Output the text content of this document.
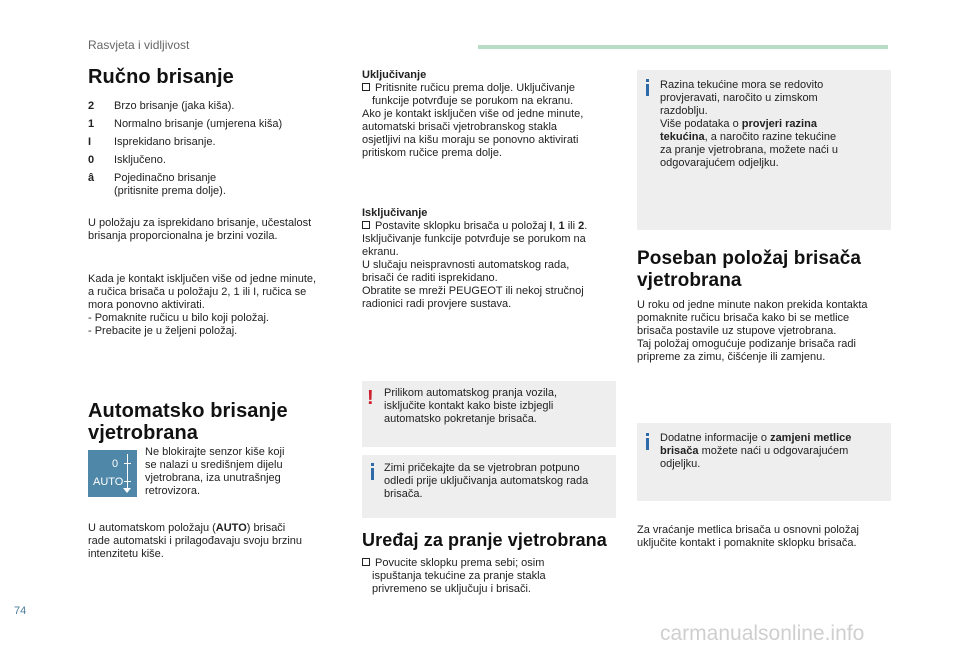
Rasvjeta i vidljivost
Ručno brisanje
2	Brzo brisanje (jaka kiša).
1	Normalno brisanje (umjerena kiša)
I	Isprekidano brisanje.
0	Isključeno.
â	Pojedinačno brisanje
(pritisnite prema dolje).
U položaju za isprekidano brisanje, učestalost
brisanja proporcionalna je brzini vozila.
Kada je kontakt isključen više od jedne minute,
a ručica brisača u položaju 2, 1 ili I, ručica se
mora ponovno aktivirati.
- Pomaknite ručicu u bilo koji položaj.
- Prebacite je u željeni položaj.
Automatsko brisanje
vjetrobrana
0
AUTO
Ne blokirajte senzor kiše koji
se nalazi u središnjem dijelu
vjetrobrana, iza unutrašnjeg
retrovizora.
U automatskom položaju (AUTO) brisači
rade automatski i prilagođavaju svoju brzinu
intenzitetu kiše.
Uključivanje
Pritisnite ručicu prema dolje. Uključivanje
funkcije potvrđuje se porukom na ekranu.
Ako je kontakt isključen više od jedne minute,
automatski brisači vjetrobranskog stakla
osjetljivi na kišu moraju se ponovno aktivirati
pritiskom ručice prema dolje.
Isključivanje
Postavite sklopku brisača u položaj I, 1 ili 2.
Isključivanje funkcije potvrđuje se porukom na
ekranu.
U slučaju neispravnosti automatskog rada,
brisači će raditi isprekidano.
Obratite se mreži PEUGEOT ili nekoj stručnoj
radionici radi provjere sustava.
! Prilikom automatskog pranja vozila,
isključite kontakt kako biste izbjegli
automatsko pokretanje brisača.
Zimi pričekajte da se vjetrobran potpuno
odledi prije uključivanja automatskog rada
brisača.
Uređaj za pranje vjetrobrana
Povucite sklopku prema sebi; osim
ispuštanja tekućine za pranje stakla
privremeno se uključuju i brisači.
Razina tekućine mora se redovito
provjeravati, naročito u zimskom
razdoblju.
Više podataka o provjeri razina
tekućina, a naročito razine tekućine
za pranje vjetrobrana, možete naći u
odgovarajućem odjeljku.
Poseban položaj brisača
vjetrobrana
U roku od jedne minute nakon prekida kontakta
pomaknite ručicu brisača kako bi se metlice
brisača postavile uz stupove vjetrobrana.
Taj položaj omogućuje podizanje brisača radi
pripreme za zimu, čišćenje ili zamjenu.
Dodatne informacije o zamjeni metlice
brisača možete naći u odgovarajućem
odjeljku.
Za vraćanje metlica brisača u osnovni položaj
uključite kontakt i pomaknite sklopku brisača.
74
carmanualsonline.info
